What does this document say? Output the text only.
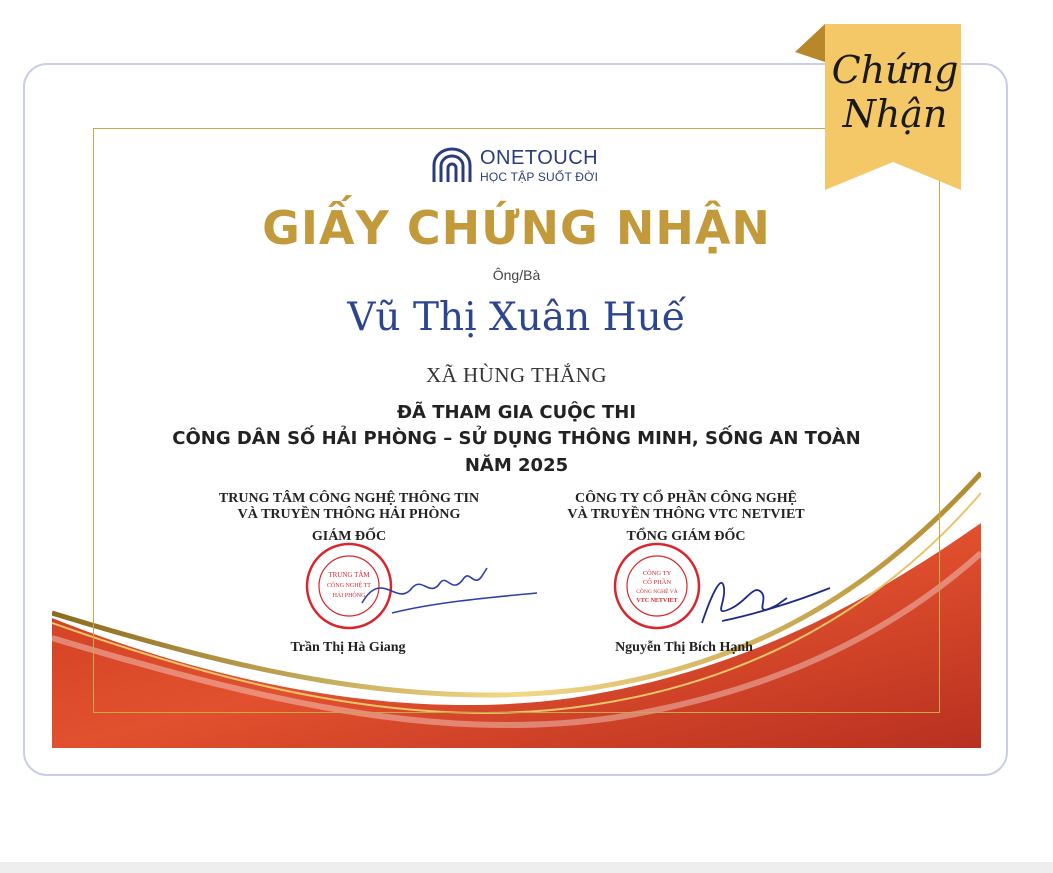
ONETOUCH
HỌC TẬP SUỐT ĐỜI
GIẤY CHỨNG NHẬN
Ông/Bà
Vũ Thị Xuân Huế
XÃ HÙNG THẮNG
ĐÃ THAM GIA CUỘC THI
CÔNG DÂN SỐ HẢI PHÒNG – SỬ DỤNG THÔNG MINH, SỐNG AN TOÀN
NĂM 2025
TRUNG TÂM CÔNG NGHỆ THÔNG TIN
VÀ TRUYỀN THÔNG HẢI PHÒNG
GIÁM ĐỐC
CÔNG TY CỔ PHẦN CÔNG NGHỆ
VÀ TRUYỀN THÔNG VTC NETVIET
TỔNG GIÁM ĐỐC
TRUNG TÂM
CÔNG NGHỆ TT
HẢI PHÒNG
CÔNG TY
CỔ PHẦN
CÔNG NGHỆ VÀ
VTC NETVIET
Trần Thị Hà Giang	Nguyễn Thị Bích Hạnh
Chứng
Nhận
